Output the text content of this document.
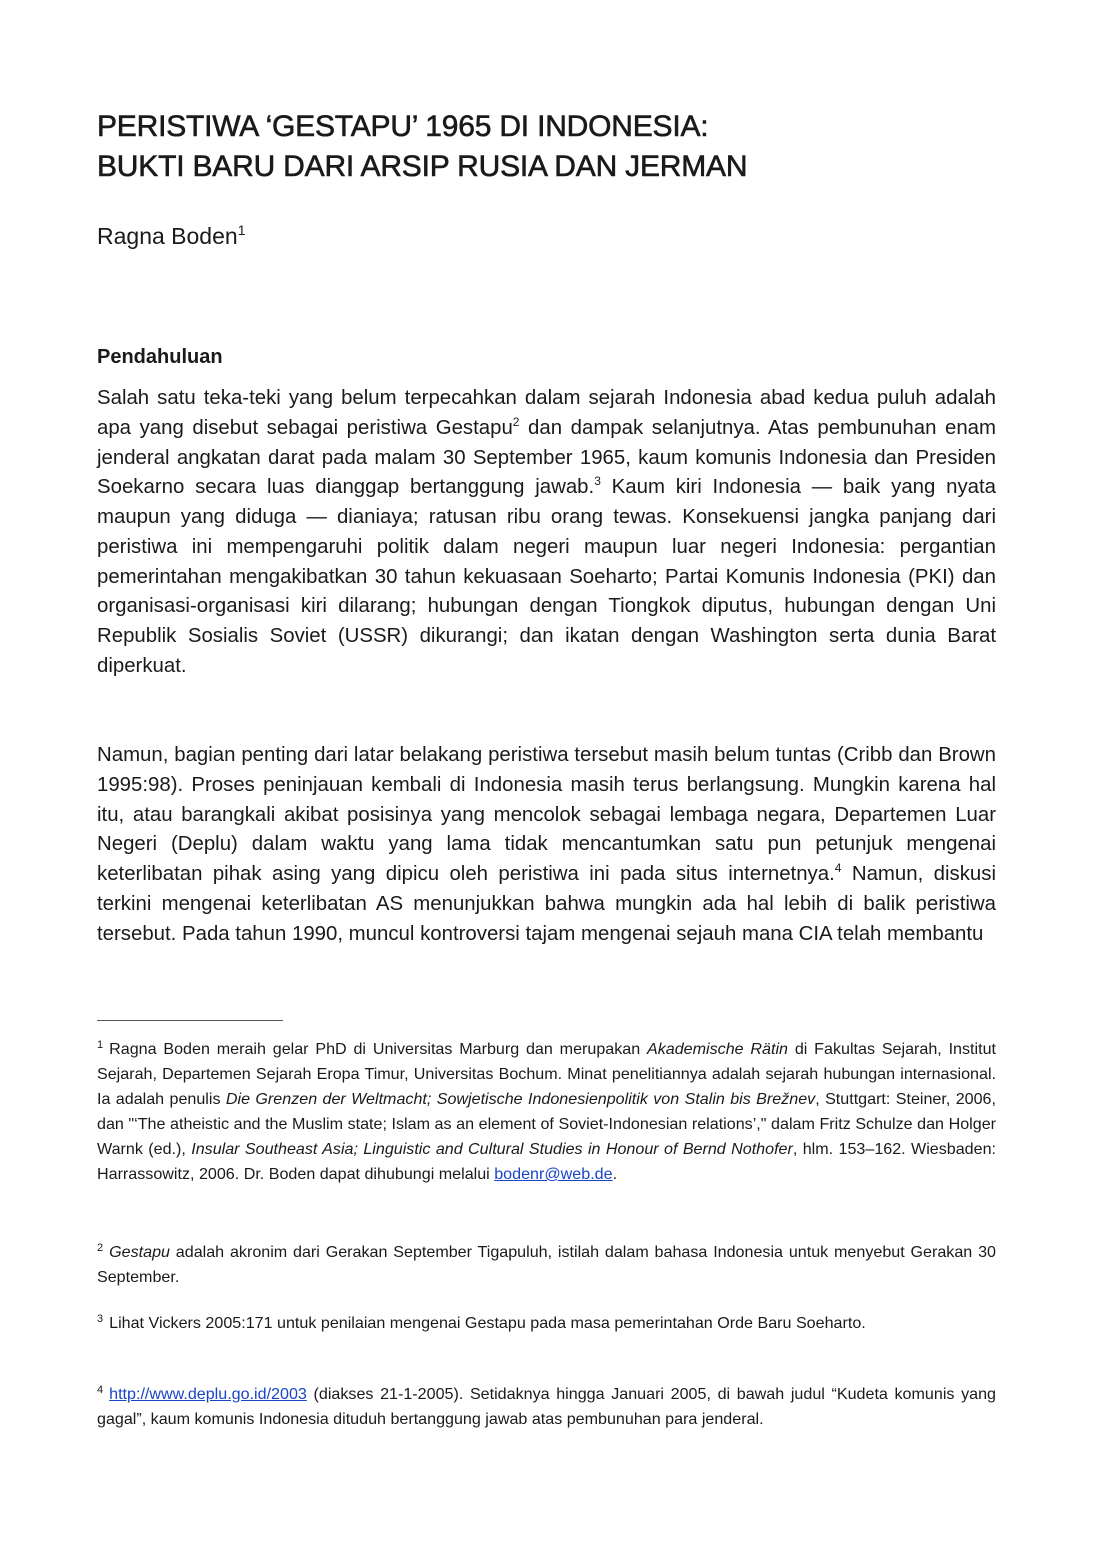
PERISTIWA ‘GESTAPU’ 1965 DI INDONESIA:
BUKTI BARU DARI ARSIP RUSIA DAN JERMAN
Ragna Boden$^1$
Pendahuluan

Salah satu teka-teki yang belum terpecahkan dalam sejarah Indonesia abad kedua puluh adalah apa yang disebut sebagai peristiwa Gestapu$^2$ dan dampak selanjutnya. Atas pembunuhan enam jenderal angkatan darat pada malam 30 September 1965, kaum komunis Indonesia dan Presiden Soekarno secara luas dianggap bertanggung jawab.$^3$ Kaum kiri Indonesia — baik yang nyata maupun yang diduga — dianiaya; ratusan ribu orang tewas. Konsekuensi jangka panjang dari peristiwa ini mempengaruhi politik dalam negeri maupun luar negeri Indonesia: pergantian pemerintahan mengakibatkan 30 tahun kekuasaan Soeharto; Partai Komunis Indonesia (PKI) dan organisasi-organisasi kiri dilarang; hubungan dengan Tiongkok diputus, hubungan dengan Uni Republik Sosialis Soviet (USSR) dikurangi; dan ikatan dengan Washington serta dunia Barat diperkuat.

Namun, bagian penting dari latar belakang peristiwa tersebut masih belum tuntas (Cribb dan Brown 1995:98). Proses peninjauan kembali di Indonesia masih terus berlangsung. Mungkin karena hal itu, atau barangkali akibat posisinya yang mencolok sebagai lembaga negara, Departemen Luar Negeri (Deplu) dalam waktu yang lama tidak mencantumkan satu pun petunjuk mengenai keterlibatan pihak asing yang dipicu oleh peristiwa ini pada situs internetnya.$^4$ Namun, diskusi terkini mengenai keterlibatan AS menunjukkan bahwa mungkin ada hal lebih di balik peristiwa tersebut. Pada tahun 1990, muncul kontroversi tajam mengenai sejauh mana CIA telah membantu

$^1$ Ragna Boden meraih gelar PhD di Universitas Marburg dan merupakan Akademische Rätin di Fakultas Sejarah, Institut Sejarah, Departemen Sejarah Eropa Timur, Universitas Bochum. Minat penelitiannya adalah sejarah hubungan internasional. Ia adalah penulis Die Grenzen der Weltmacht; Sowjetische Indonesienpolitik von Stalin bis Brežnev, Stuttgart: Steiner, 2006, dan "‘The atheistic and the Muslim state; Islam as an element of Soviet-Indonesian relations’," dalam Fritz Schulze dan Holger Warnk (ed.), Insular Southeast Asia; Linguistic and Cultural Studies in Honour of Bernd Nothofer, hlm. 153–162. Wiesbaden: Harrassowitz, 2006. Dr. Boden dapat dihubungi melalui bodenr@web.de.

$^2$ Gestapu adalah akronim dari Gerakan September Tigapuluh, istilah dalam bahasa Indonesia untuk menyebut Gerakan 30 September.

$^3$ Lihat Vickers 2005:171 untuk penilaian mengenai Gestapu pada masa pemerintahan Orde Baru Soeharto.

$^4$ http://www.deplu.go.id/2003 (diakses 21-1-2005). Setidaknya hingga Januari 2005, di bawah judul “Kudeta komunis yang gagal”, kaum komunis Indonesia dituduh bertanggung jawab atas pembunuhan para jenderal.
